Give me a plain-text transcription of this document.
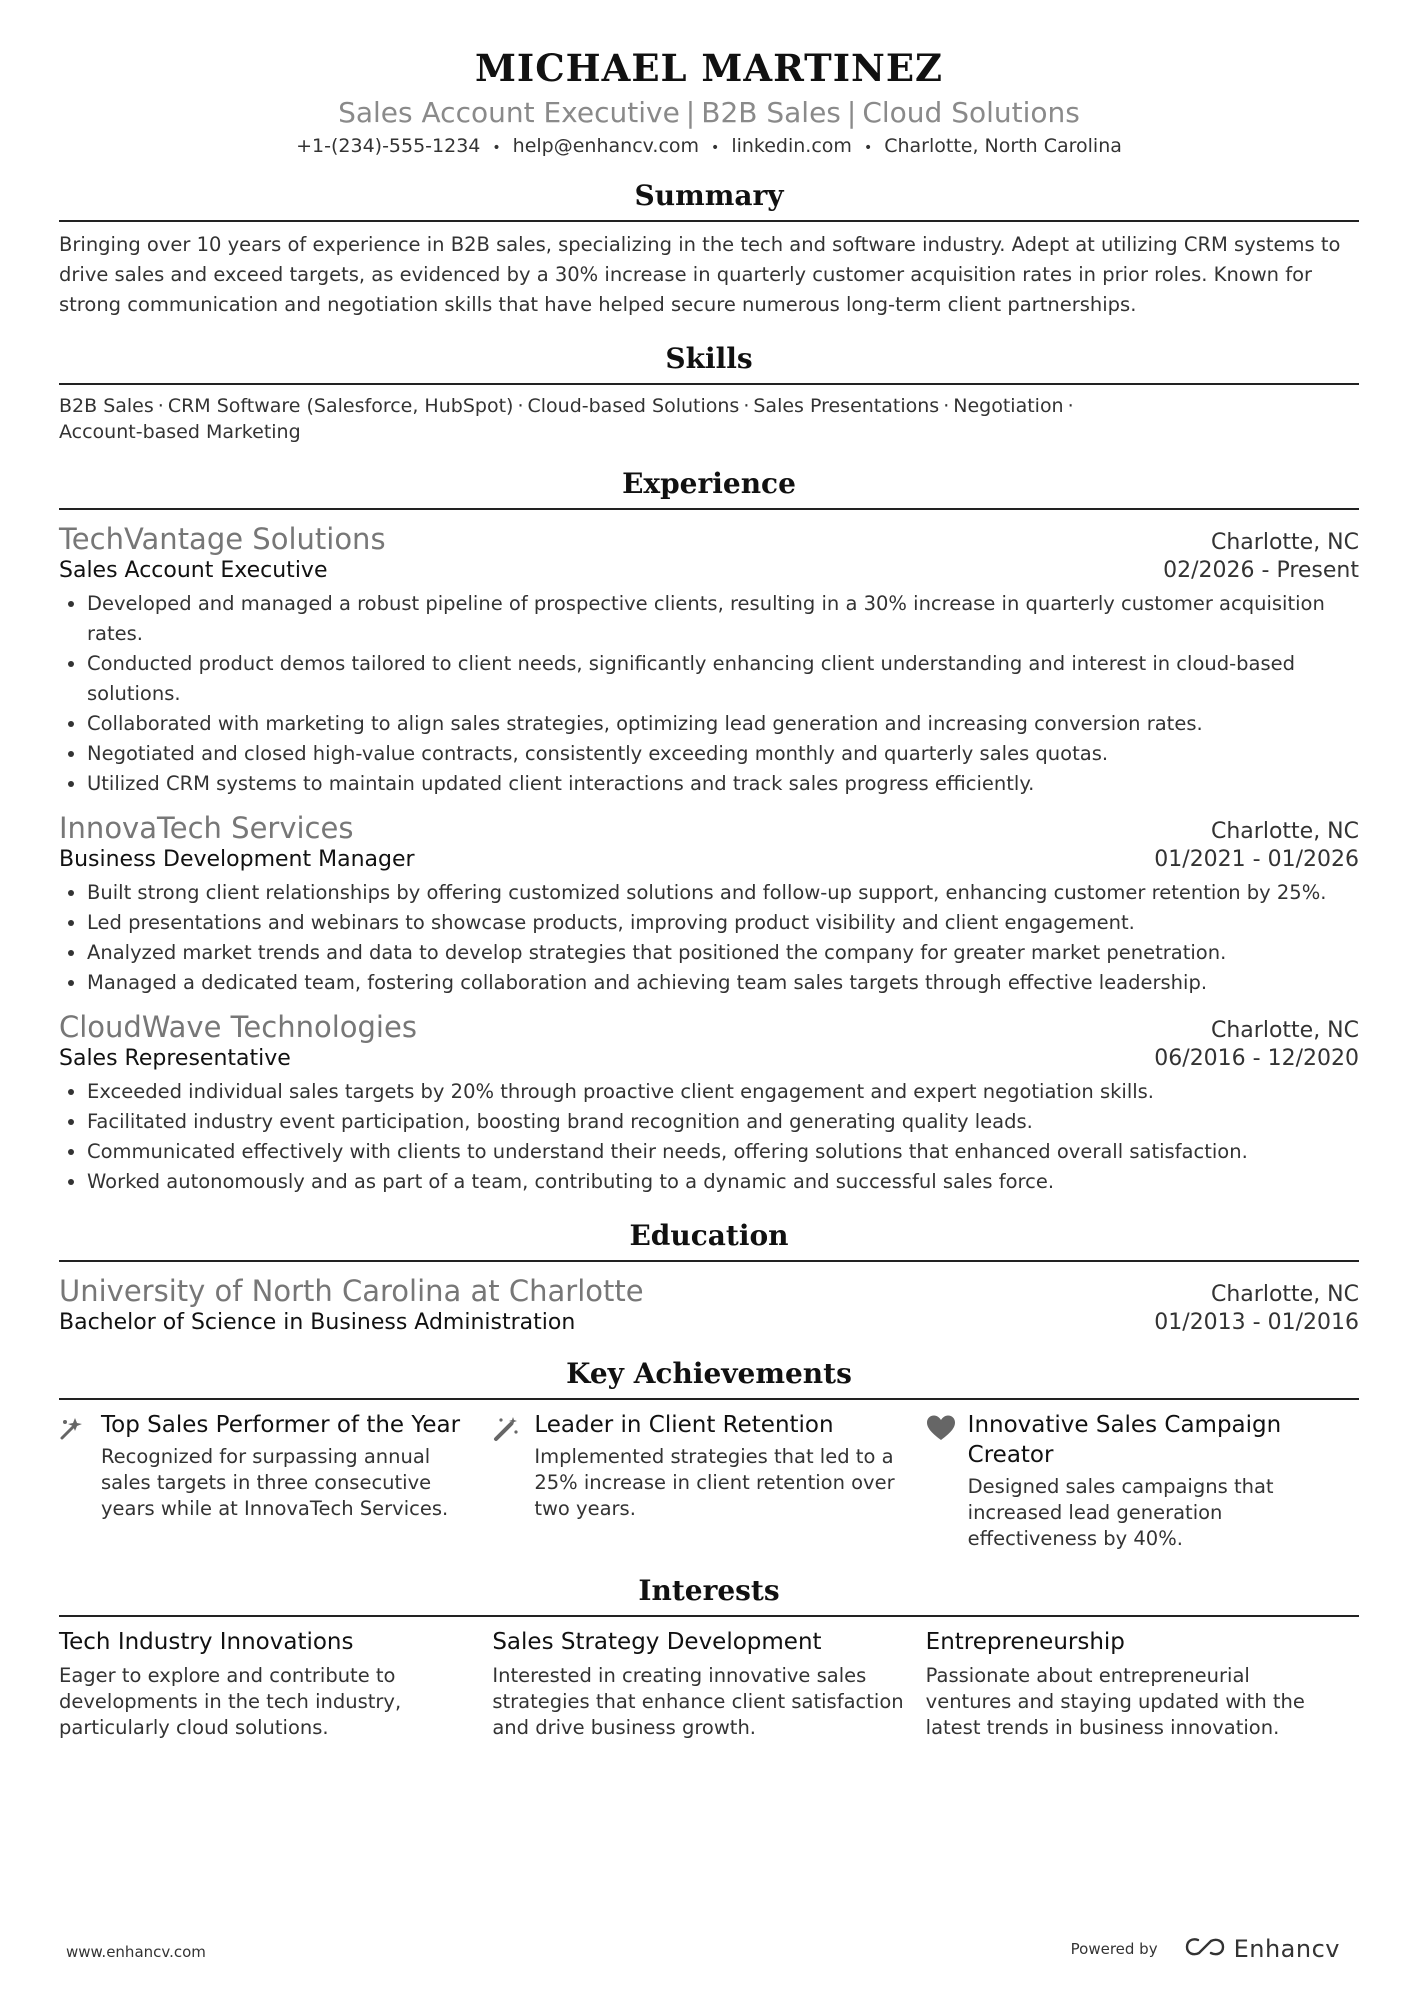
MICHAEL MARTINEZ
Sales Account Executive | B2B Sales | Cloud Solutions
+1-(234)-555-1234 • help@enhancv.com • linkedin.com • Charlotte, North Carolina
Summary
Bringing over 10 years of experience in B2B sales, specializing in the tech and software industry. Adept at utilizing CRM systems to drive sales and exceed targets, as evidenced by a 30% increase in quarterly customer acquisition rates in prior roles. Known for strong communication and negotiation skills that have helped secure numerous long-term client partnerships.
Skills
B2B Sales · CRM Software (Salesforce, HubSpot) · Cloud-based Solutions · Sales Presentations · Negotiation ·
Account-based Marketing
Experience
TechVantage Solutions	Charlotte, NC
Sales Account Executive	02/2026 - Present
• Developed and managed a robust pipeline of prospective clients, resulting in a 30% increase in quarterly customer acquisition rates.
• Conducted product demos tailored to client needs, significantly enhancing client understanding and interest in cloud-based solutions.
• Collaborated with marketing to align sales strategies, optimizing lead generation and increasing conversion rates.
• Negotiated and closed high-value contracts, consistently exceeding monthly and quarterly sales quotas.
• Utilized CRM systems to maintain updated client interactions and track sales progress efficiently.
InnovaTech Services	Charlotte, NC
Business Development Manager	01/2021 - 01/2026
• Built strong client relationships by offering customized solutions and follow-up support, enhancing customer retention by 25%.
• Led presentations and webinars to showcase products, improving product visibility and client engagement.
• Analyzed market trends and data to develop strategies that positioned the company for greater market penetration.
• Managed a dedicated team, fostering collaboration and achieving team sales targets through effective leadership.
CloudWave Technologies	Charlotte, NC
Sales Representative	06/2016 - 12/2020
• Exceeded individual sales targets by 20% through proactive client engagement and expert negotiation skills.
• Facilitated industry event participation, boosting brand recognition and generating quality leads.
• Communicated effectively with clients to understand their needs, offering solutions that enhanced overall satisfaction.
• Worked autonomously and as part of a team, contributing to a dynamic and successful sales force.
Education
University of North Carolina at Charlotte	Charlotte, NC
Bachelor of Science in Business Administration	01/2013 - 01/2016
Key Achievements
Top Sales Performer of the Year
Recognized for surpassing annual sales targets in three consecutive years while at InnovaTech Services.
Leader in Client Retention
Implemented strategies that led to a 25% increase in client retention over two years.
Innovative Sales Campaign Creator
Designed sales campaigns that increased lead generation effectiveness by 40%.
Interests
Tech Industry Innovations
Eager to explore and contribute to developments in the tech industry, particularly cloud solutions.
Sales Strategy Development
Interested in creating innovative sales strategies that enhance client satisfaction and drive business growth.
Entrepreneurship
Passionate about entrepreneurial ventures and staying updated with the latest trends in business innovation.
www.enhancv.com	Powered by	Enhancv
